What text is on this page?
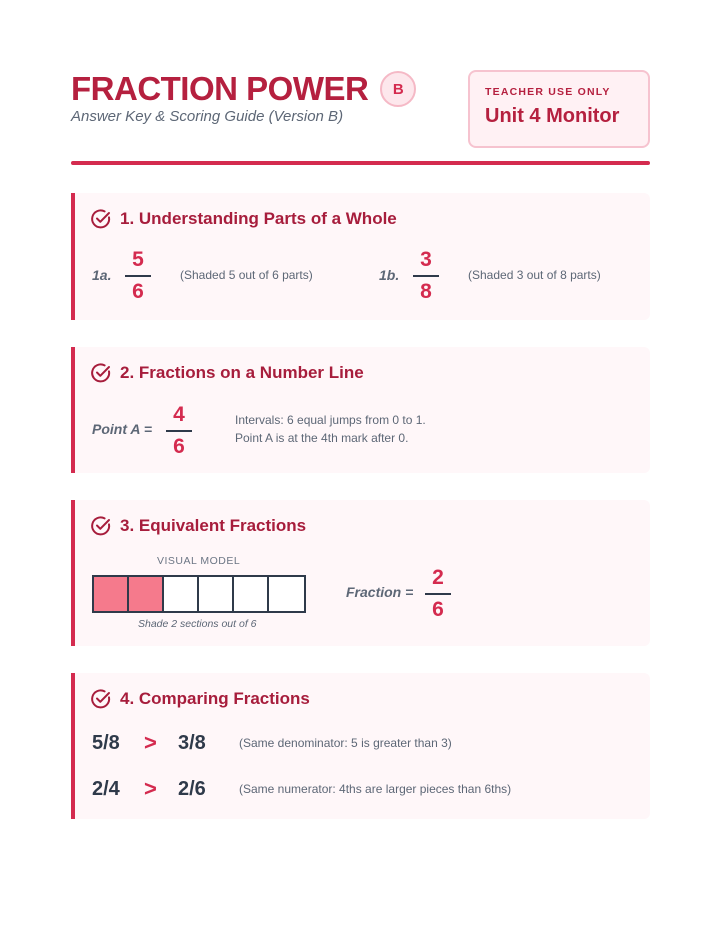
FRACTION POWER	B
Answer Key & Scoring Guide (Version B)
TEACHER USE ONLY
Unit 4 Monitor
1. Understanding Parts of a Whole
1a.
5
6
(Shaded 5 out of 6 parts)	1b.
3
8
(Shaded 3 out of 8 parts)
2. Fractions on a Number Line
Point A =
4
6
Intervals: 6 equal jumps from 0 to 1.
Point A is at the 4th mark after 0.
3. Equivalent Fractions
VISUAL MODEL
Shade 2 sections out of 6
Fraction =
2
6
4. Comparing Fractions
5/8	>	3/8	(Same denominator: 5 is greater than 3)
2/4	>	2/6	(Same numerator: 4ths are larger pieces than 6ths)
